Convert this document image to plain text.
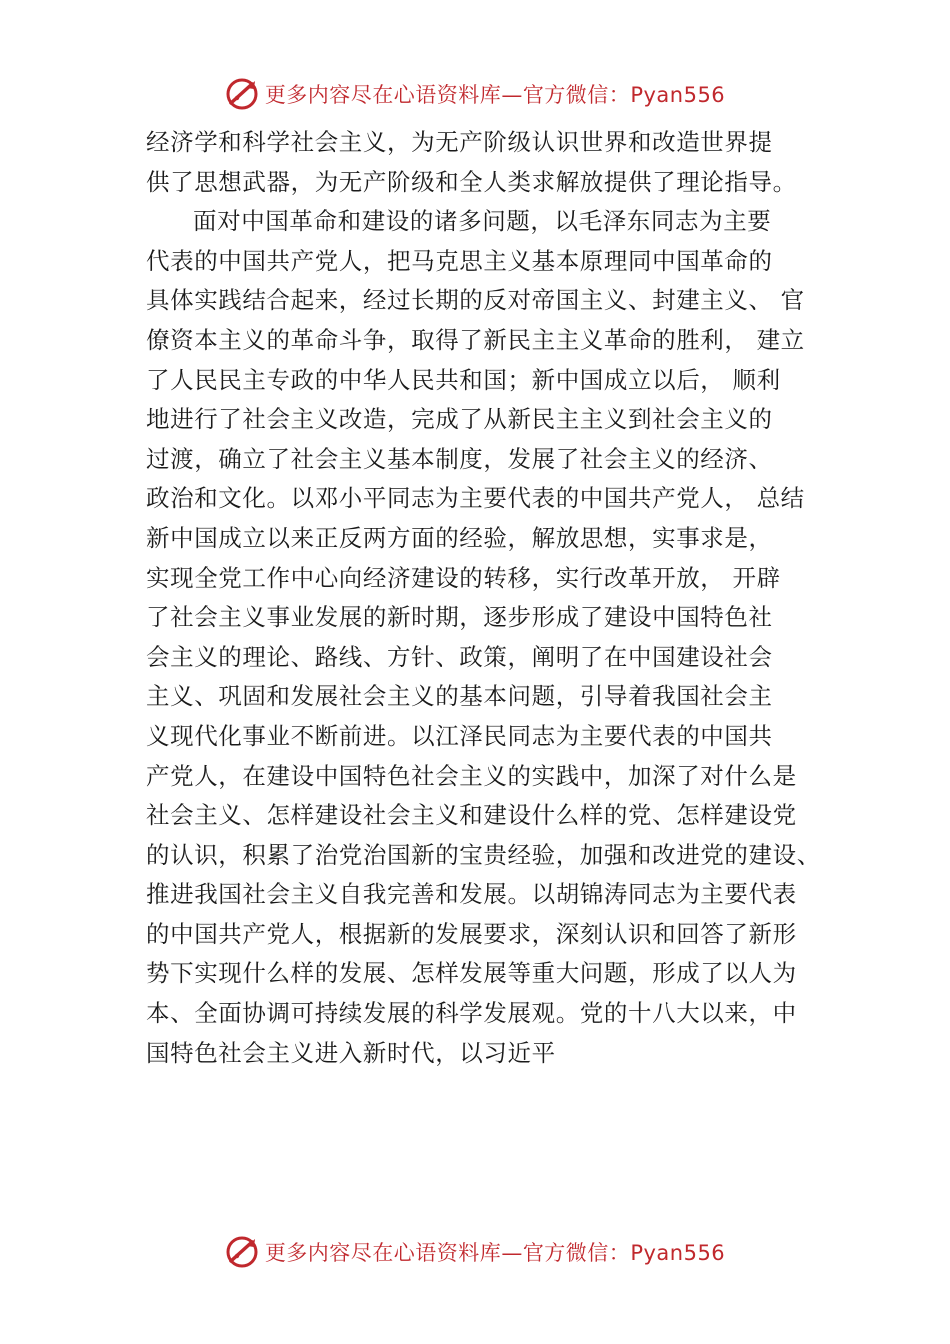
更多内容尽在心语资料库—官方微信：Pyan556
经济学和科学社会主义，为无产阶级认识世界和改造世界提
供了思想武器，为无产阶级和全人类求解放提供了理论指导。
面对中国革命和建设的诸多问题，以毛泽东同志为主要
代表的中国共产党人，把马克思主义基本原理同中国革命的
具体实践结合起来，经过长期的反对帝国主义、封建主义、 官
僚资本主义的革命斗争，取得了新民主主义革命的胜利， 建立
了人民民主专政的中华人民共和国；新中国成立以后， 顺利
地进行了社会主义改造，完成了从新民主主义到社会主义的
过渡，确立了社会主义基本制度，发展了社会主义的经济、
政治和文化。以邓小平同志为主要代表的中国共产党人， 总结
新中国成立以来正反两方面的经验，解放思想，实事求是，
实现全党工作中心向经济建设的转移，实行改革开放， 开辟
了社会主义事业发展的新时期，逐步形成了建设中国特色社
会主义的理论、路线、方针、政策，阐明了在中国建设社会
主义、巩固和发展社会主义的基本问题，引导着我国社会主
义现代化事业不断前进。以江泽民同志为主要代表的中国共
产党人，在建设中国特色社会主义的实践中，加深了对什么是
社会主义、怎样建设社会主义和建设什么样的党、怎样建设党
的认识，积累了治党治国新的宝贵经验，加强和改进党的建设、
推进我国社会主义自我完善和发展。以胡锦涛同志为主要代表
的中国共产党人，根据新的发展要求，深刻认识和回答了新形
势下实现什么样的发展、怎样发展等重大问题，形成了以人为
本、全面协调可持续发展的科学发展观。党的十八大以来，中
国特色社会主义进入新时代，以习近平
更多内容尽在心语资料库—官方微信：Pyan556
